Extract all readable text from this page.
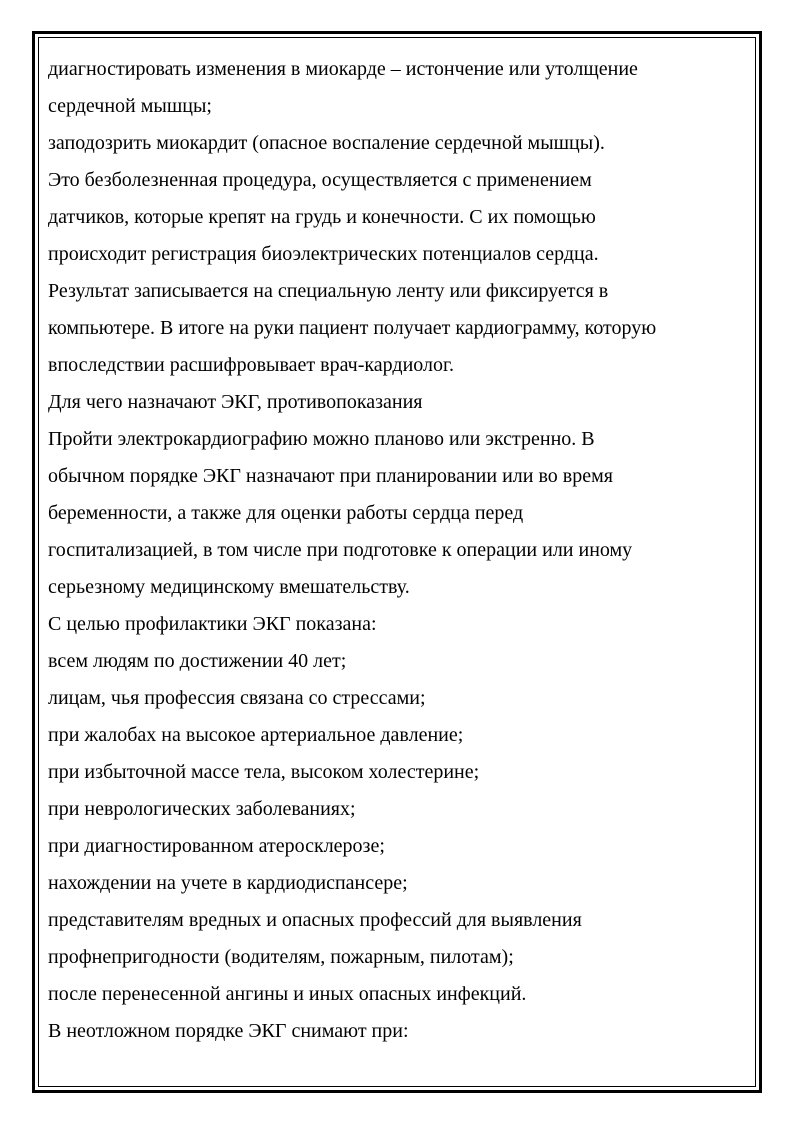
диагностировать изменения в миокарде – истончение или утолщение
сердечной мышцы;
заподозрить миокардит (опасное воспаление сердечной мышцы).
Это безболезненная процедура, осуществляется с применением
датчиков, которые крепят на грудь и конечности. С их помощью
происходит регистрация биоэлектрических потенциалов сердца.
Результат записывается на специальную ленту или фиксируется в
компьютере. В итоге на руки пациент получает кардиограмму, которую
впоследствии расшифровывает врач-кардиолог.
Для чего назначают ЭКГ, противопоказания
Пройти электрокардиографию можно планово или экстренно. В
обычном порядке ЭКГ назначают при планировании или во время
беременности, а также для оценки работы сердца перед
госпитализацией, в том числе при подготовке к операции или иному
серьезному медицинскому вмешательству.
С целью профилактики ЭКГ показана:
всем людям по достижении 40 лет;
лицам, чья профессия связана со стрессами;
при жалобах на высокое артериальное давление;
при избыточной массе тела, высоком холестерине;
при неврологических заболеваниях;
при диагностированном атеросклерозе;
нахождении на учете в кардиодиспансере;
представителям вредных и опасных профессий для выявления
профнепригодности (водителям, пожарным, пилотам);
после перенесенной ангины и иных опасных инфекций.
В неотложном порядке ЭКГ снимают при:
